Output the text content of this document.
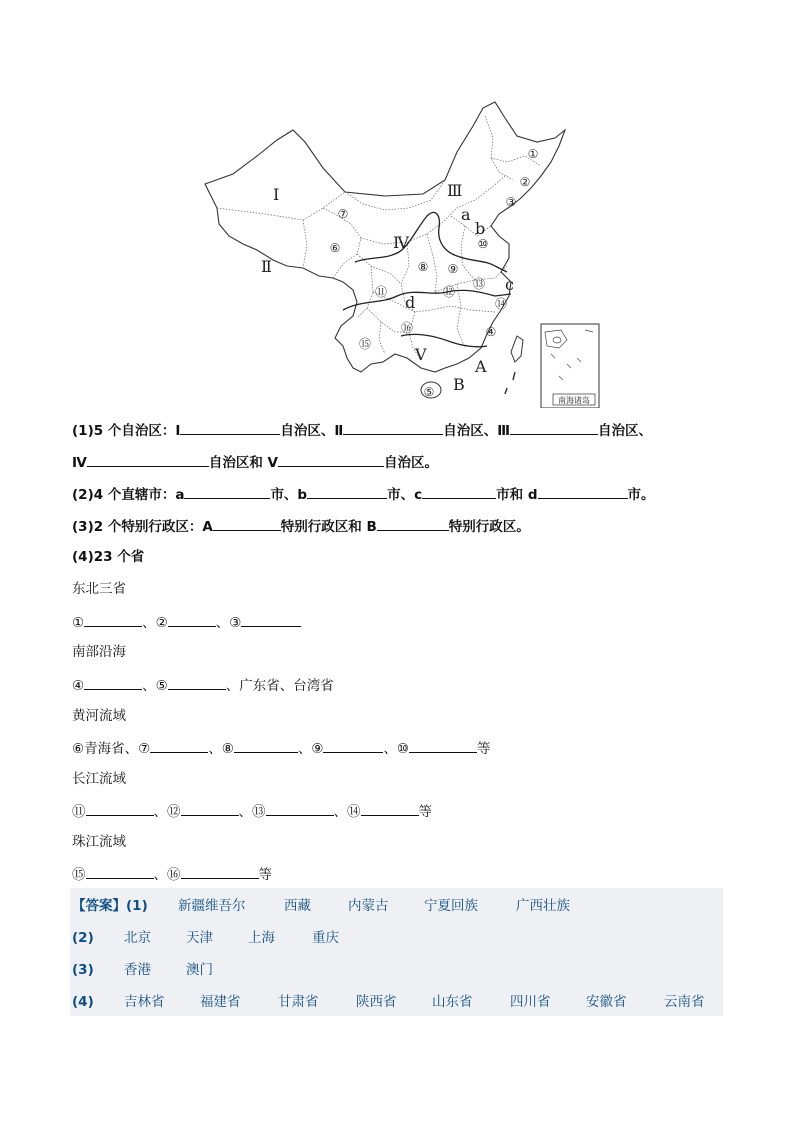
南海诸岛
Ⅰ
Ⅱ
Ⅲ
Ⅳ
Ⅴ
a
b
c
d
A
B
①
②
③
④
⑤
⑥
⑦
⑧ ⑨
⑩
⑪	⑫
⑬
⑭
⑮
⑯
(1)5 个自治区：Ⅰ	自治区、Ⅱ	自治区、Ⅲ	自治区、
Ⅳ	自治区和 Ⅴ	自治区。
(2)4 个直辖市：a	市、b	市、c	市和 d	市。
(3)2 个特别行政区：A	特别行政区和 B	特别行政区。
(4)23 个省
东北三省
①	、②	、③
南部沿海
④	、⑤	、广东省、台湾省
黄河流域
⑥青海省、⑦	、⑧	、⑨	、⑩	等
长江流域
⑪	、⑫	、⑬	、⑭	等
珠江流域
⑮	、⑯	等
【答案】(1) 新疆维吾尔	西藏	内蒙古	宁夏回族	广西壮族
(2) 北京	天津	上海	重庆
(3) 香港	澳门
(4) 吉林省	福建省	甘肃省	陕西省	山东省	四川省	安徽省	云南省
